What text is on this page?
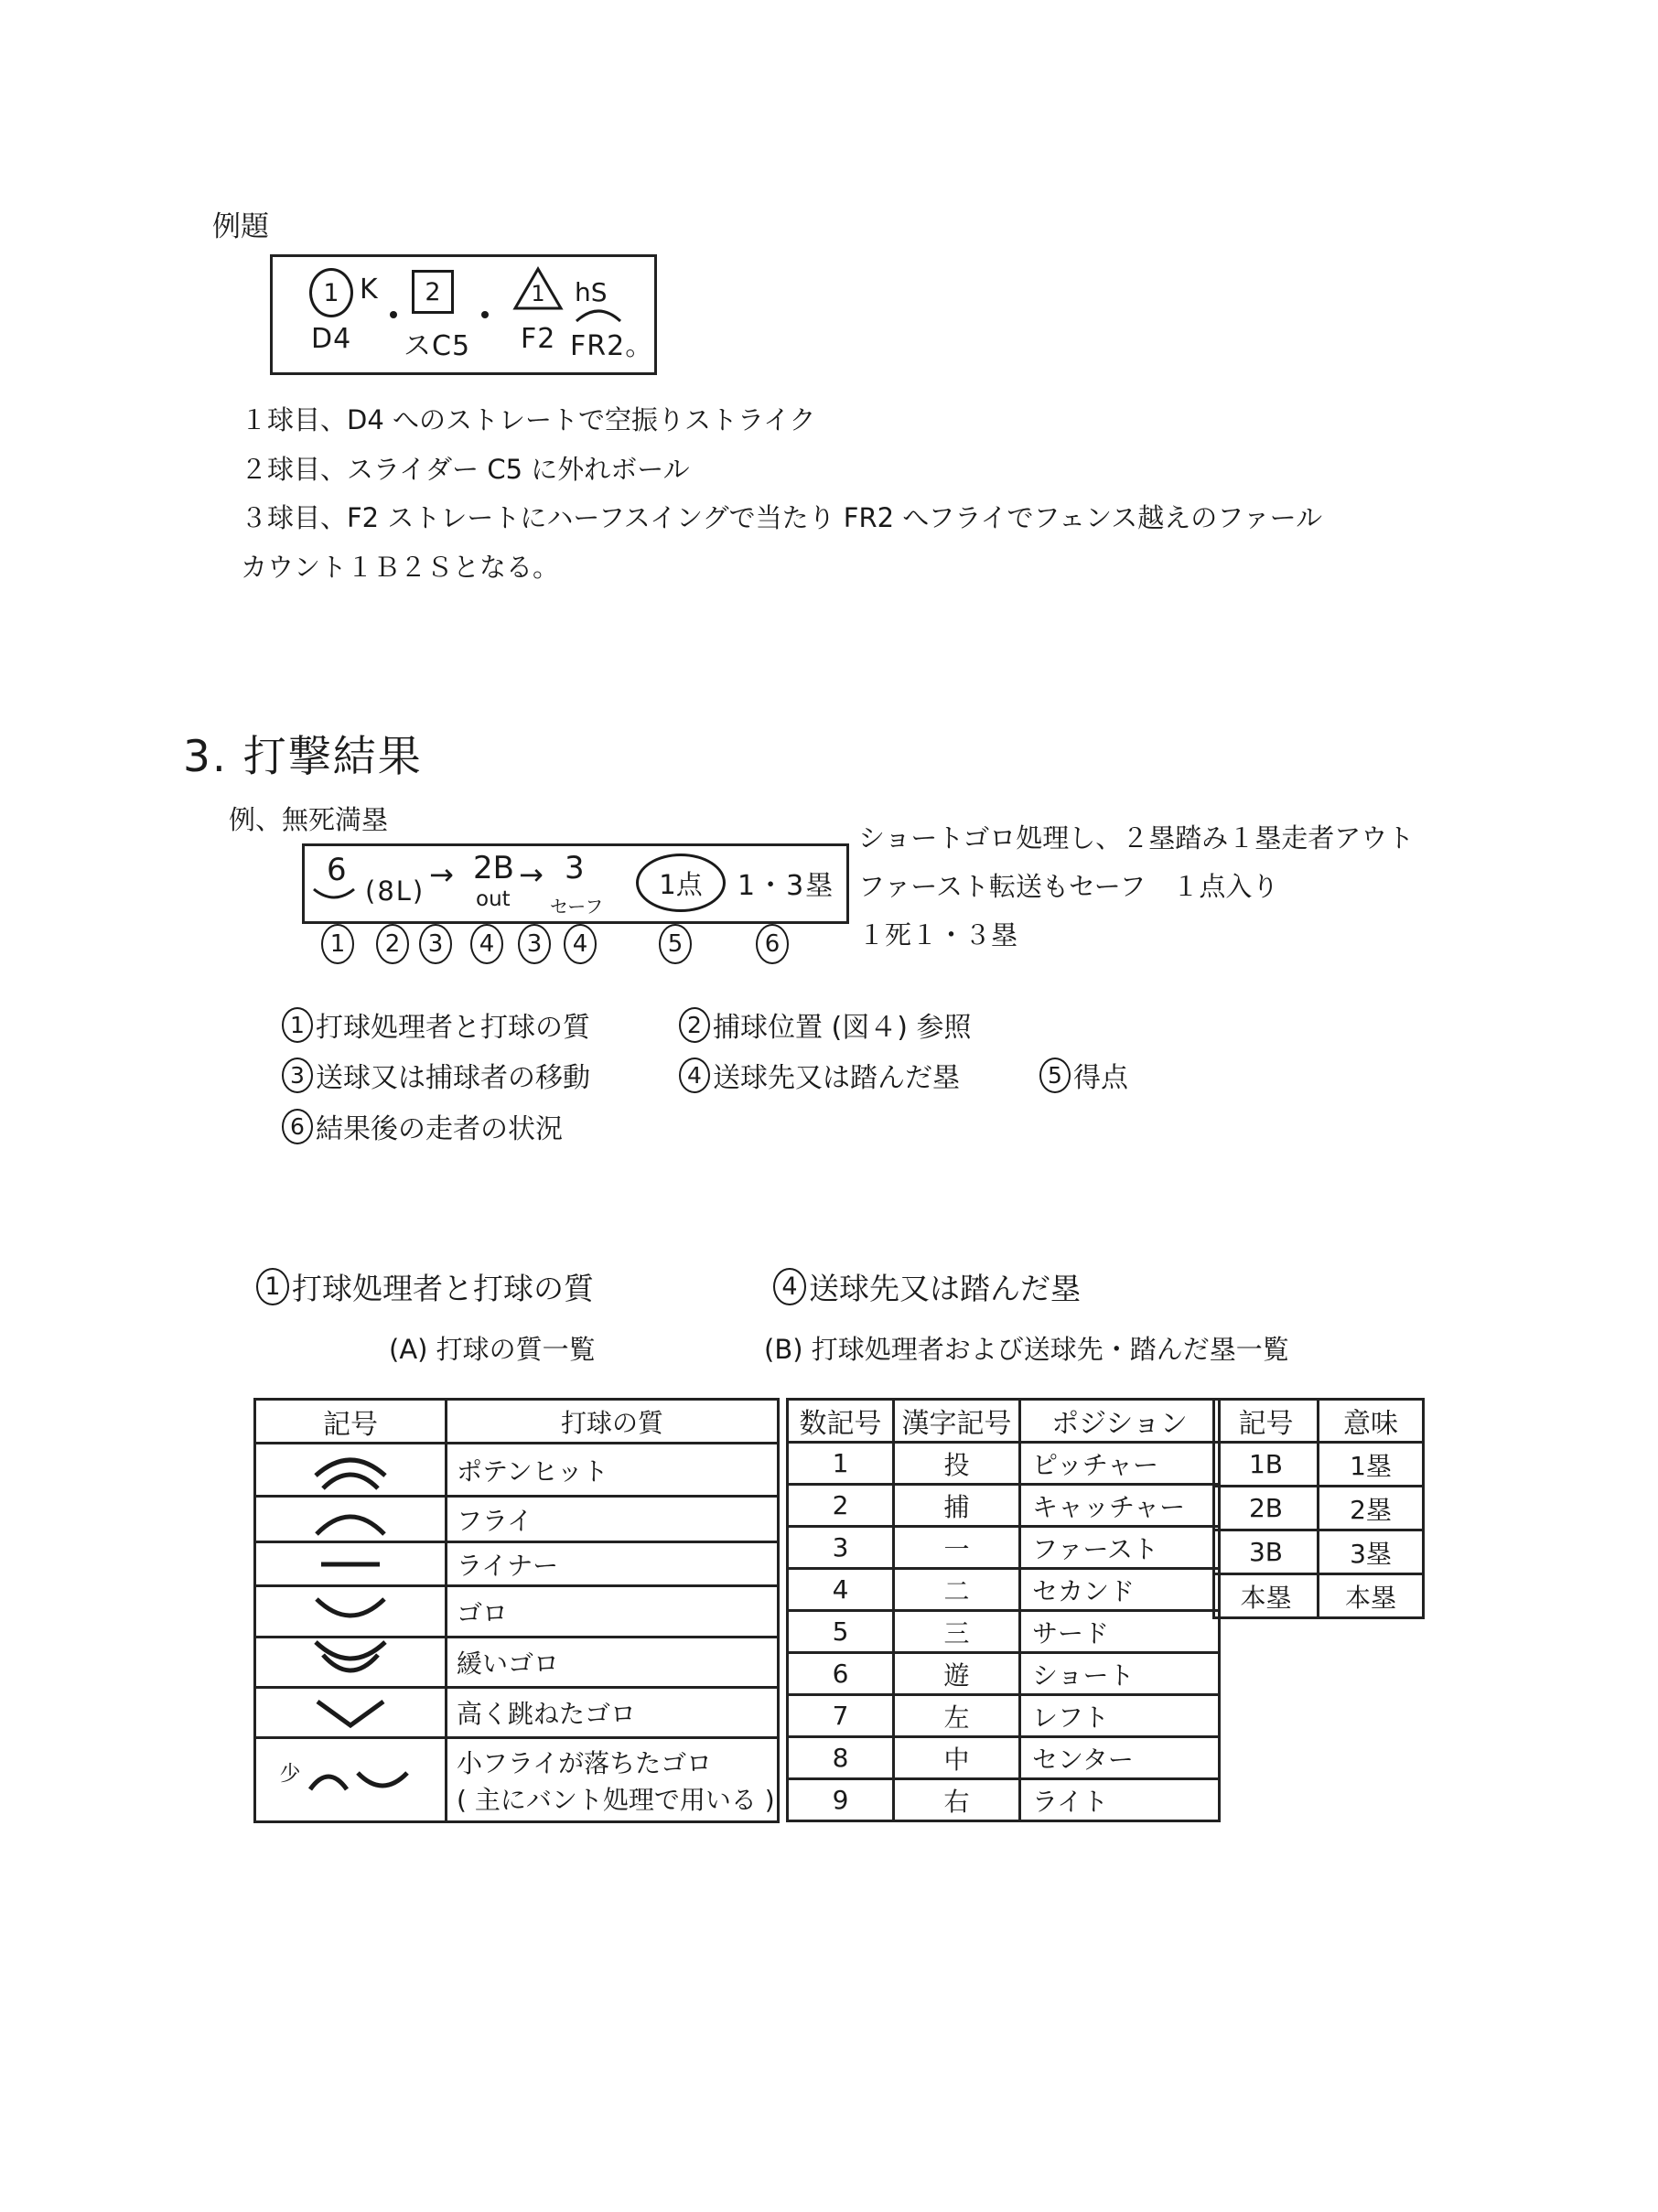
例題
1 K
D4
2
スC5
1
F2
hS
FR2。
１球目、D4 へのストレートで空振りストライク
２球目、スライダー C5 に外れボール
３球目、F2 ストレートにハーフスイングで当たり FR2 へフライでフェンス越えのファール
カウント１Ｂ２Ｓとなる。
3. 打撃結果
例、無死満塁
6
(8L) → 2B
out
→ 3
セーフ
1点 1・3塁
1 2 3 4 3 4	5	6
ショートゴロ処理し、２塁踏み１塁走者アウト
ファースト転送もセーフ　１点入り
１死１・３塁
1 打球処理者と打球の質	2 捕球位置 (図４) 参照
3 送球又は捕球者の移動	4 送球先又は踏んだ塁	5 得点
6 結果後の走者の状況
1 打球処理者と打球の質	4 送球先又は踏んだ塁
(A) 打球の質一覧	(B) 打球処理者および送球先・踏んだ塁一覧
記号	打球の質

	ポテンヒット

	フライ

	ライナー

	ゴロ

	緩いゴロ

	高く跳ねたゴロ

少	小フライが落ちたゴロ
( 主にバント処理で用いる )
数記号	漢字記号	ポジション
1	投	ピッチャー
2	捕	キャッチャー
3	一	ファースト
4	二	セカンド
5	三	サード
6	遊	ショート
7	左	レフト
8	中	センター
9	右	ライト
記号	意味
1B	1塁
2B	2塁
3B	3塁
本塁	本塁
